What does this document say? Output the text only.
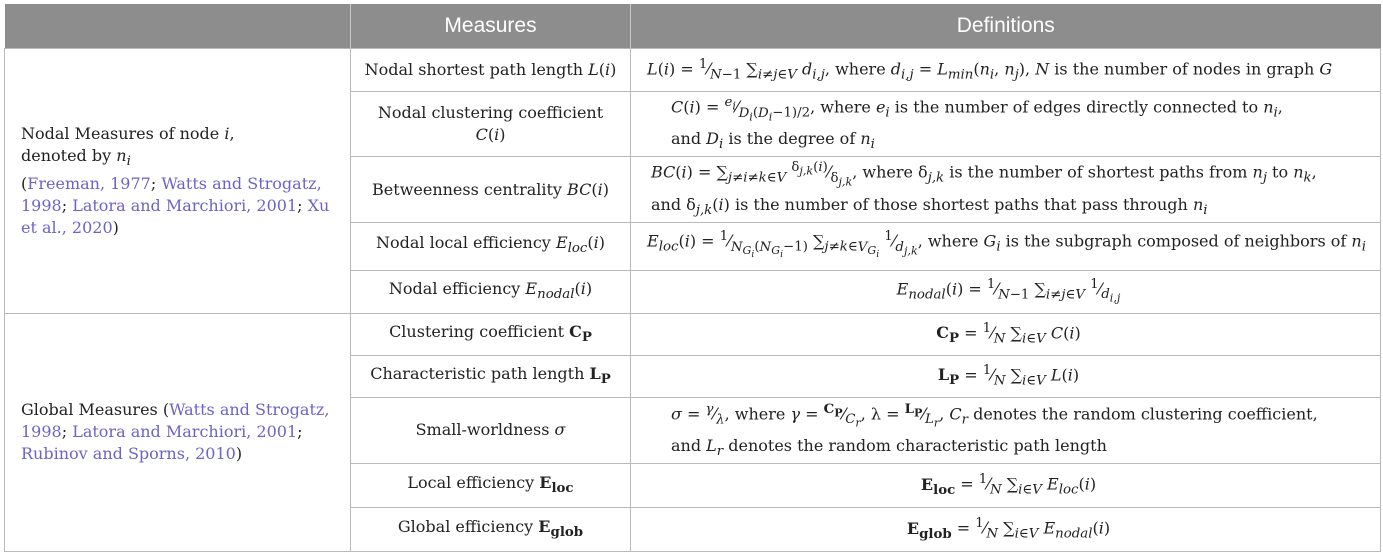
	Measures	Definitions

Nodal Measures of node i,
denoted by $n_i$
(Freeman, 1977; Watts and Strogatz, 1998; Latora and Marchiori, 2001; Xu et al., 2020)	Nodal shortest path length L(i)	$L(i) = ^1⁄_{N-1}$ $\sum_{i\ne j\in V}$ $d_{i,j}$, where $d_{i,j} = L_{min}(n_i$, $n_j$), N is the number of nodes in graph G
	Nodal clustering coefficient C(i)	$C(i) = ^{e_i}⁄_{D_i(D_i-1)/2}$, where $e_i$ is the number of edges directly connected to $n_i$,
and $D_i$ is the degree of $n_i$

	Betweenness centrality BC(i)	$BC(i) = \sum_{j\ne i\ne k\in V}$ $^{\delta_{j,k}(i)}⁄_{\delta_{j,k}}$, where $\delta_{j,k}$ is the number of shortest paths from $n_j$ to $n_k$,
and $\delta_{j,k}(i)$ is the number of those shortest paths that pass through $n_i$

	Nodal local efficiency $E_{loc}(i)$	$E_{loc}(i)$ = $^1⁄_{N_{G_i}(N_{G_i}-1)}$ $\sum_{j\ne k\in V_{G_i}}$ $^1⁄_{d_{j,k}}$, where $G_i$ is the subgraph composed of neighbors of $n_i$
	Nodal efficiency $E_{nodal}(i)$	$E_{nodal}(i)$ = $^1⁄_{N-1}$ $\sum_{i\ne j\in V}$ $^1⁄_{d_{i,j}}$

Global Measures (Watts and Strogatz, 1998; Latora and Marchiori, 2001; Rubinov and Sporns, 2010)	Clustering coefficient $C_P$	$C_P$ = $^1⁄_N$ $\sum_{i\in V}$ C(i)
	Characteristic path length $L_P$	$L_P$ = $^1⁄_N$ $\sum_{i\in V}$ L(i)
	Small-worldness σ	$\sigma = ^\gamma⁄_\lambda$, where $\gamma = ^{C_P}⁄_{C_r}$, $\lambda = ^{L_P}⁄_{L_r}$, $C_r$ denotes the random clustering coefficient,
and $L_r$ denotes the random characteristic path length

	Local efficiency $E_{loc}$	$E_{loc}$ = $^1⁄_N$ $\sum_{i\in V}$ $E_{loc}(i)$
	Global efficiency $E_{glob}$	$E_{glob}$ = $^1⁄_N$ $\sum_{i\in V}$ $E_{nodal}(i)$
